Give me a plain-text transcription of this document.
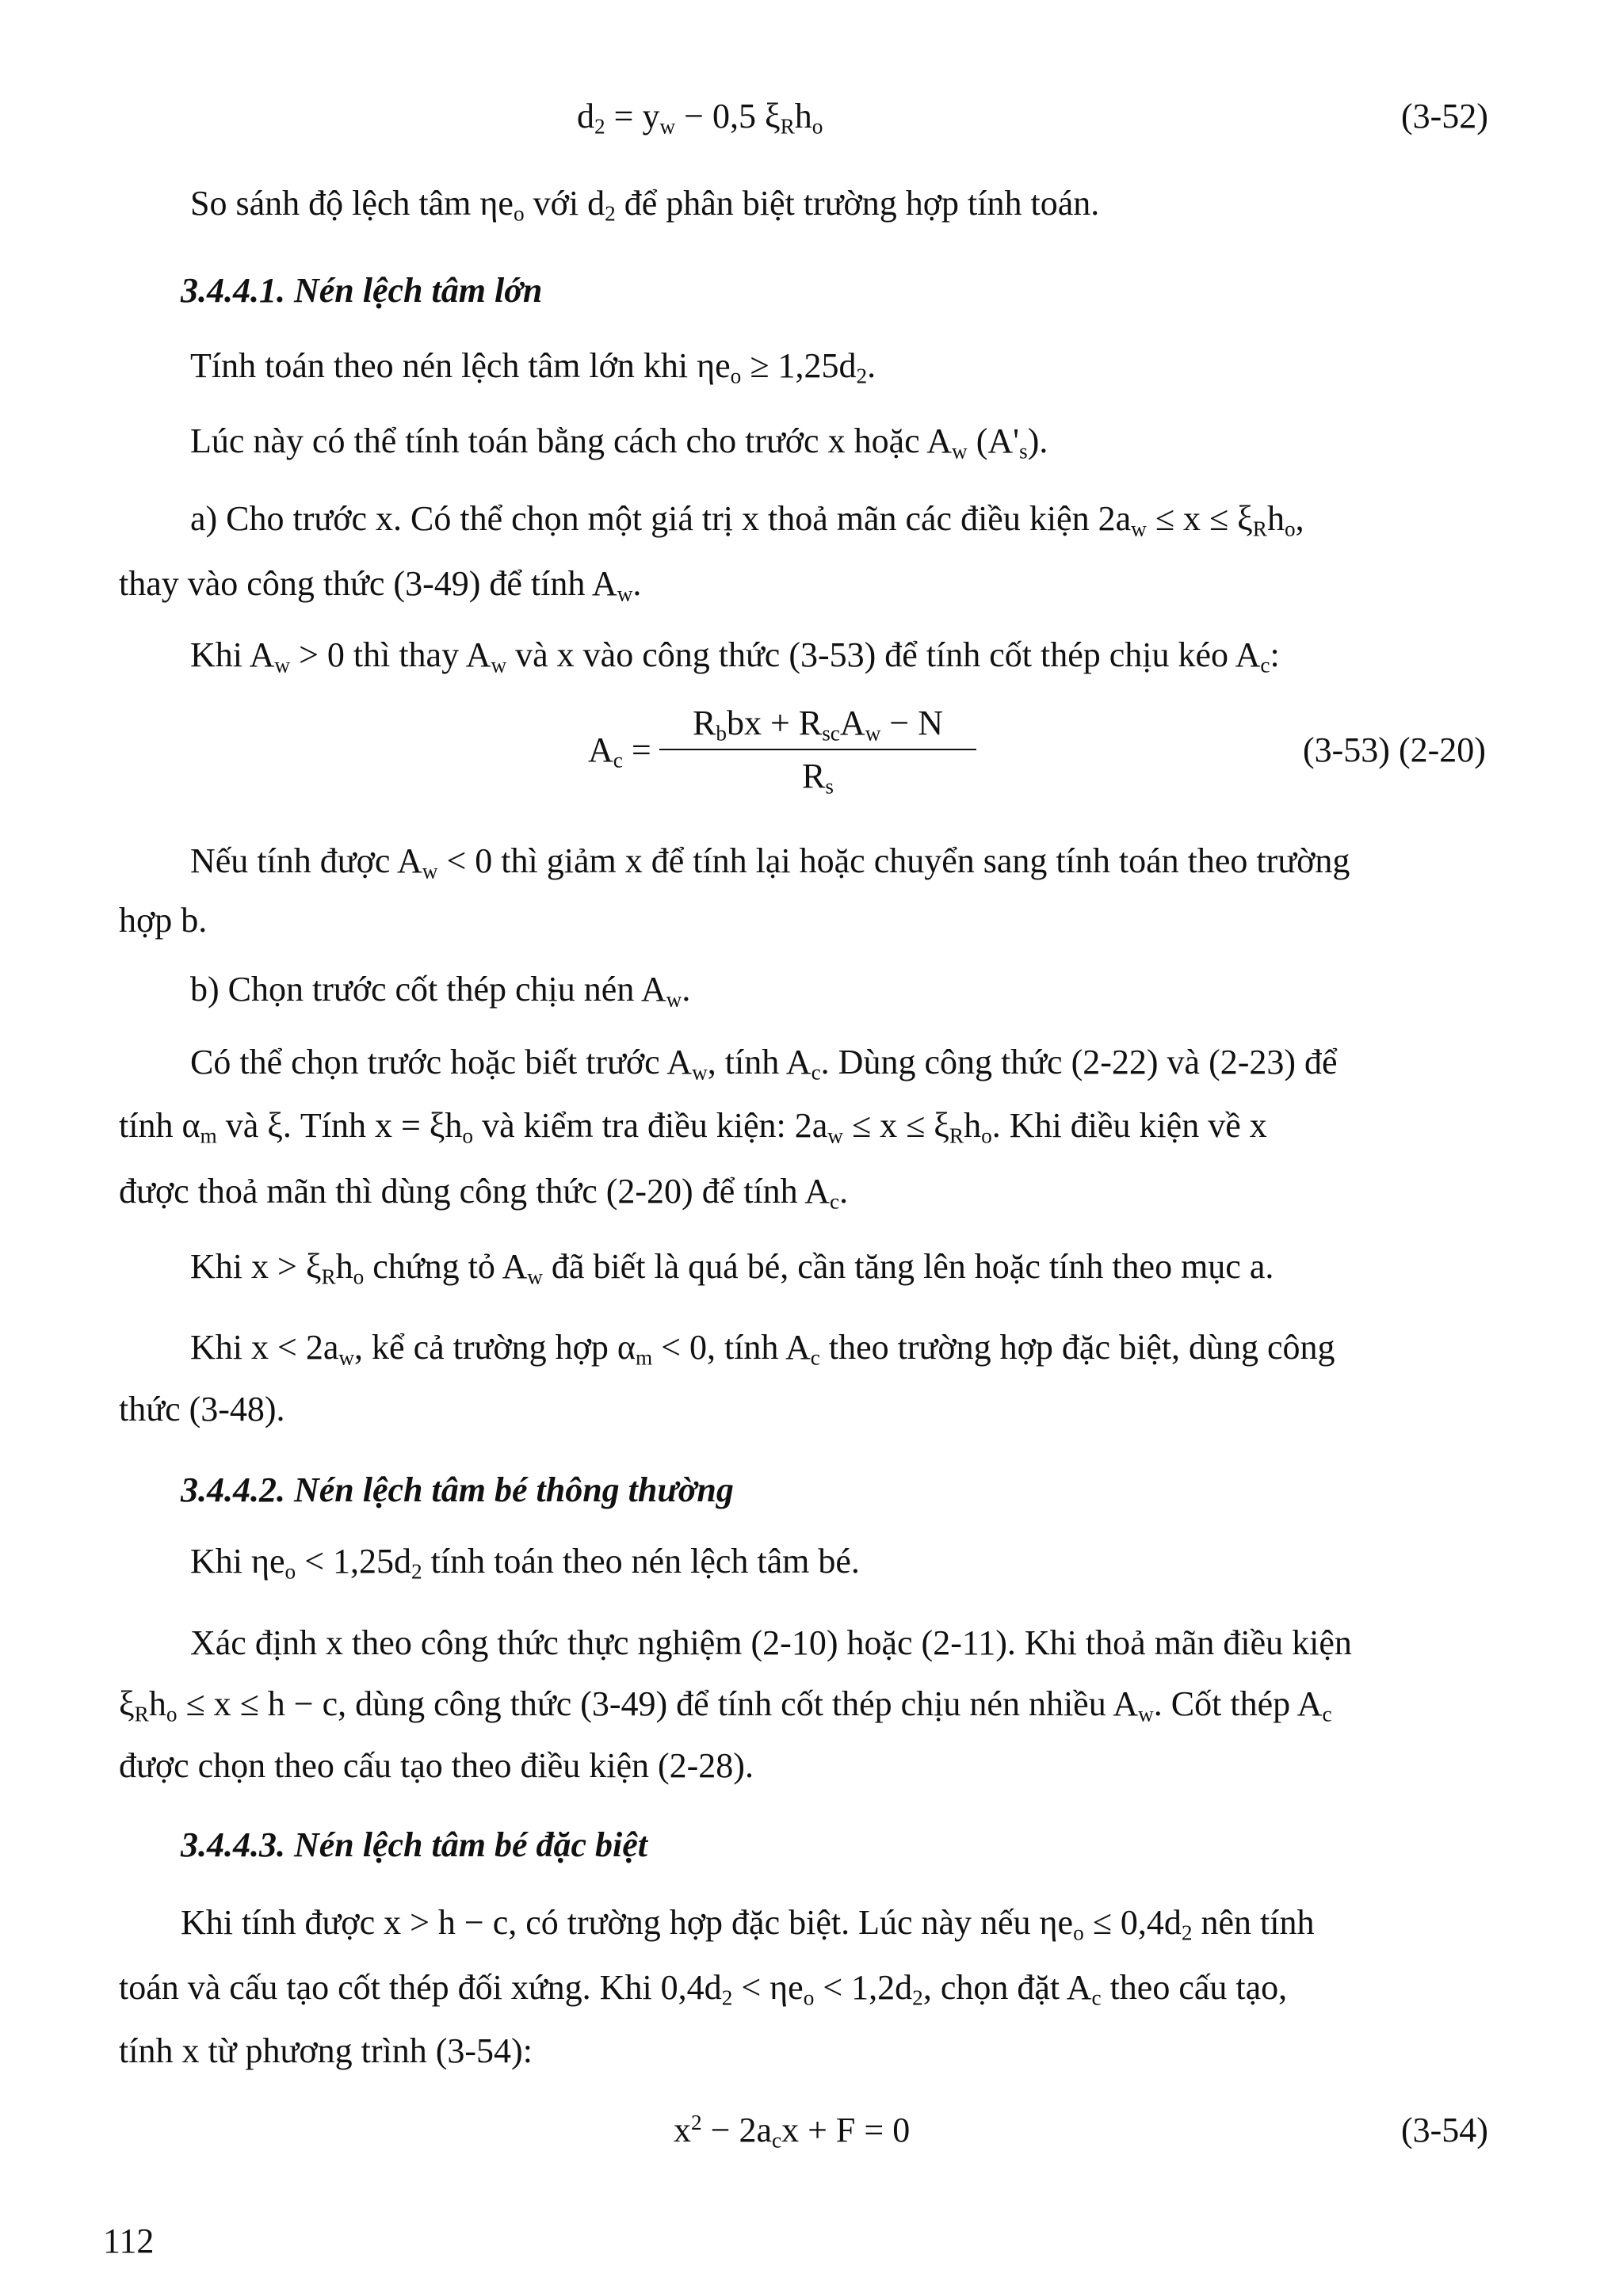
$d_2 = y_w - 0,5$ $\xi_Rh_o$	(3-52)
So sánh độ lệch tâm $\eta e_o$ với $d_2$ để phân biệt trường hợp tính toán.
3.4.4.1. Nén lệch tâm lớn
Tính toán theo nén lệch tâm lớn khi $\eta e_o \ge 1,25d_2$.
Lúc này có thể tính toán bằng cách cho trước x hoặc $A_w$ $(A'_s)$.
a) Cho trước x. Có thể chọn một giá trị x thoả mãn các điều kiện $2a_w \le x \le \xi_Rh_o$,
thay vào công thức (3-49) để tính $A_w$.
Khi $A_w > 0$ thì thay $A_w$ và x vào công thức (3-53) để tính cốt thép chịu kéo $A_c$:
$A_c$ =
$R_bbx + R_{sc}A_w - N$
$R_s$
(3-53) (2-20)
Nếu tính được $A_w < 0$ thì giảm x để tính lại hoặc chuyển sang tính toán theo trường
hợp b.
b) Chọn trước cốt thép chịu nén $A_w$.
Có thể chọn trước hoặc biết trước $A_w$, tính $A_c$. Dùng công thức (2-22) và (2-23) để
tính $\alpha_m$ và ξ. Tính $x = \xi h_o$ và kiểm tra điều kiện: $2a_w \le x \le \xi_Rh_o$. Khi điều kiện về x
được thoả mãn thì dùng công thức (2-20) để tính $A_c$.
Khi $x > \xi_Rh_o$ chứng tỏ $A_w$ đã biết là quá bé, cần tăng lên hoặc tính theo mục a.
Khi $x < 2a_w$, kể cả trường hợp $\alpha_m < 0$, tính $A_c$ theo trường hợp đặc biệt, dùng công
thức (3-48).
3.4.4.2. Nén lệch tâm bé thông thường
Khi $\eta e_o < 1,25d_2$ tính toán theo nén lệch tâm bé.
Xác định x theo công thức thực nghiệm (2-10) hoặc (2-11). Khi thoả mãn điều kiện
$\xi_Rh_o \le x \le h - c$, dùng công thức (3-49) để tính cốt thép chịu nén nhiều $A_w$. Cốt thép $A_c$
được chọn theo cấu tạo theo điều kiện (2-28).
3.4.4.3. Nén lệch tâm bé đặc biệt
Khi tính được x > h − c, có trường hợp đặc biệt. Lúc này nếu $\eta e_o \le 0,4d_2$ nên tính
toán và cấu tạo cốt thép đối xứng. Khi $0,4d_2 < \eta e_o < 1,2d_2$, chọn đặt $A_c$ theo cấu tạo,
tính x từ phương trình (3-54):
$x^2 - 2a_cx + F = 0$	(3-54)
112
